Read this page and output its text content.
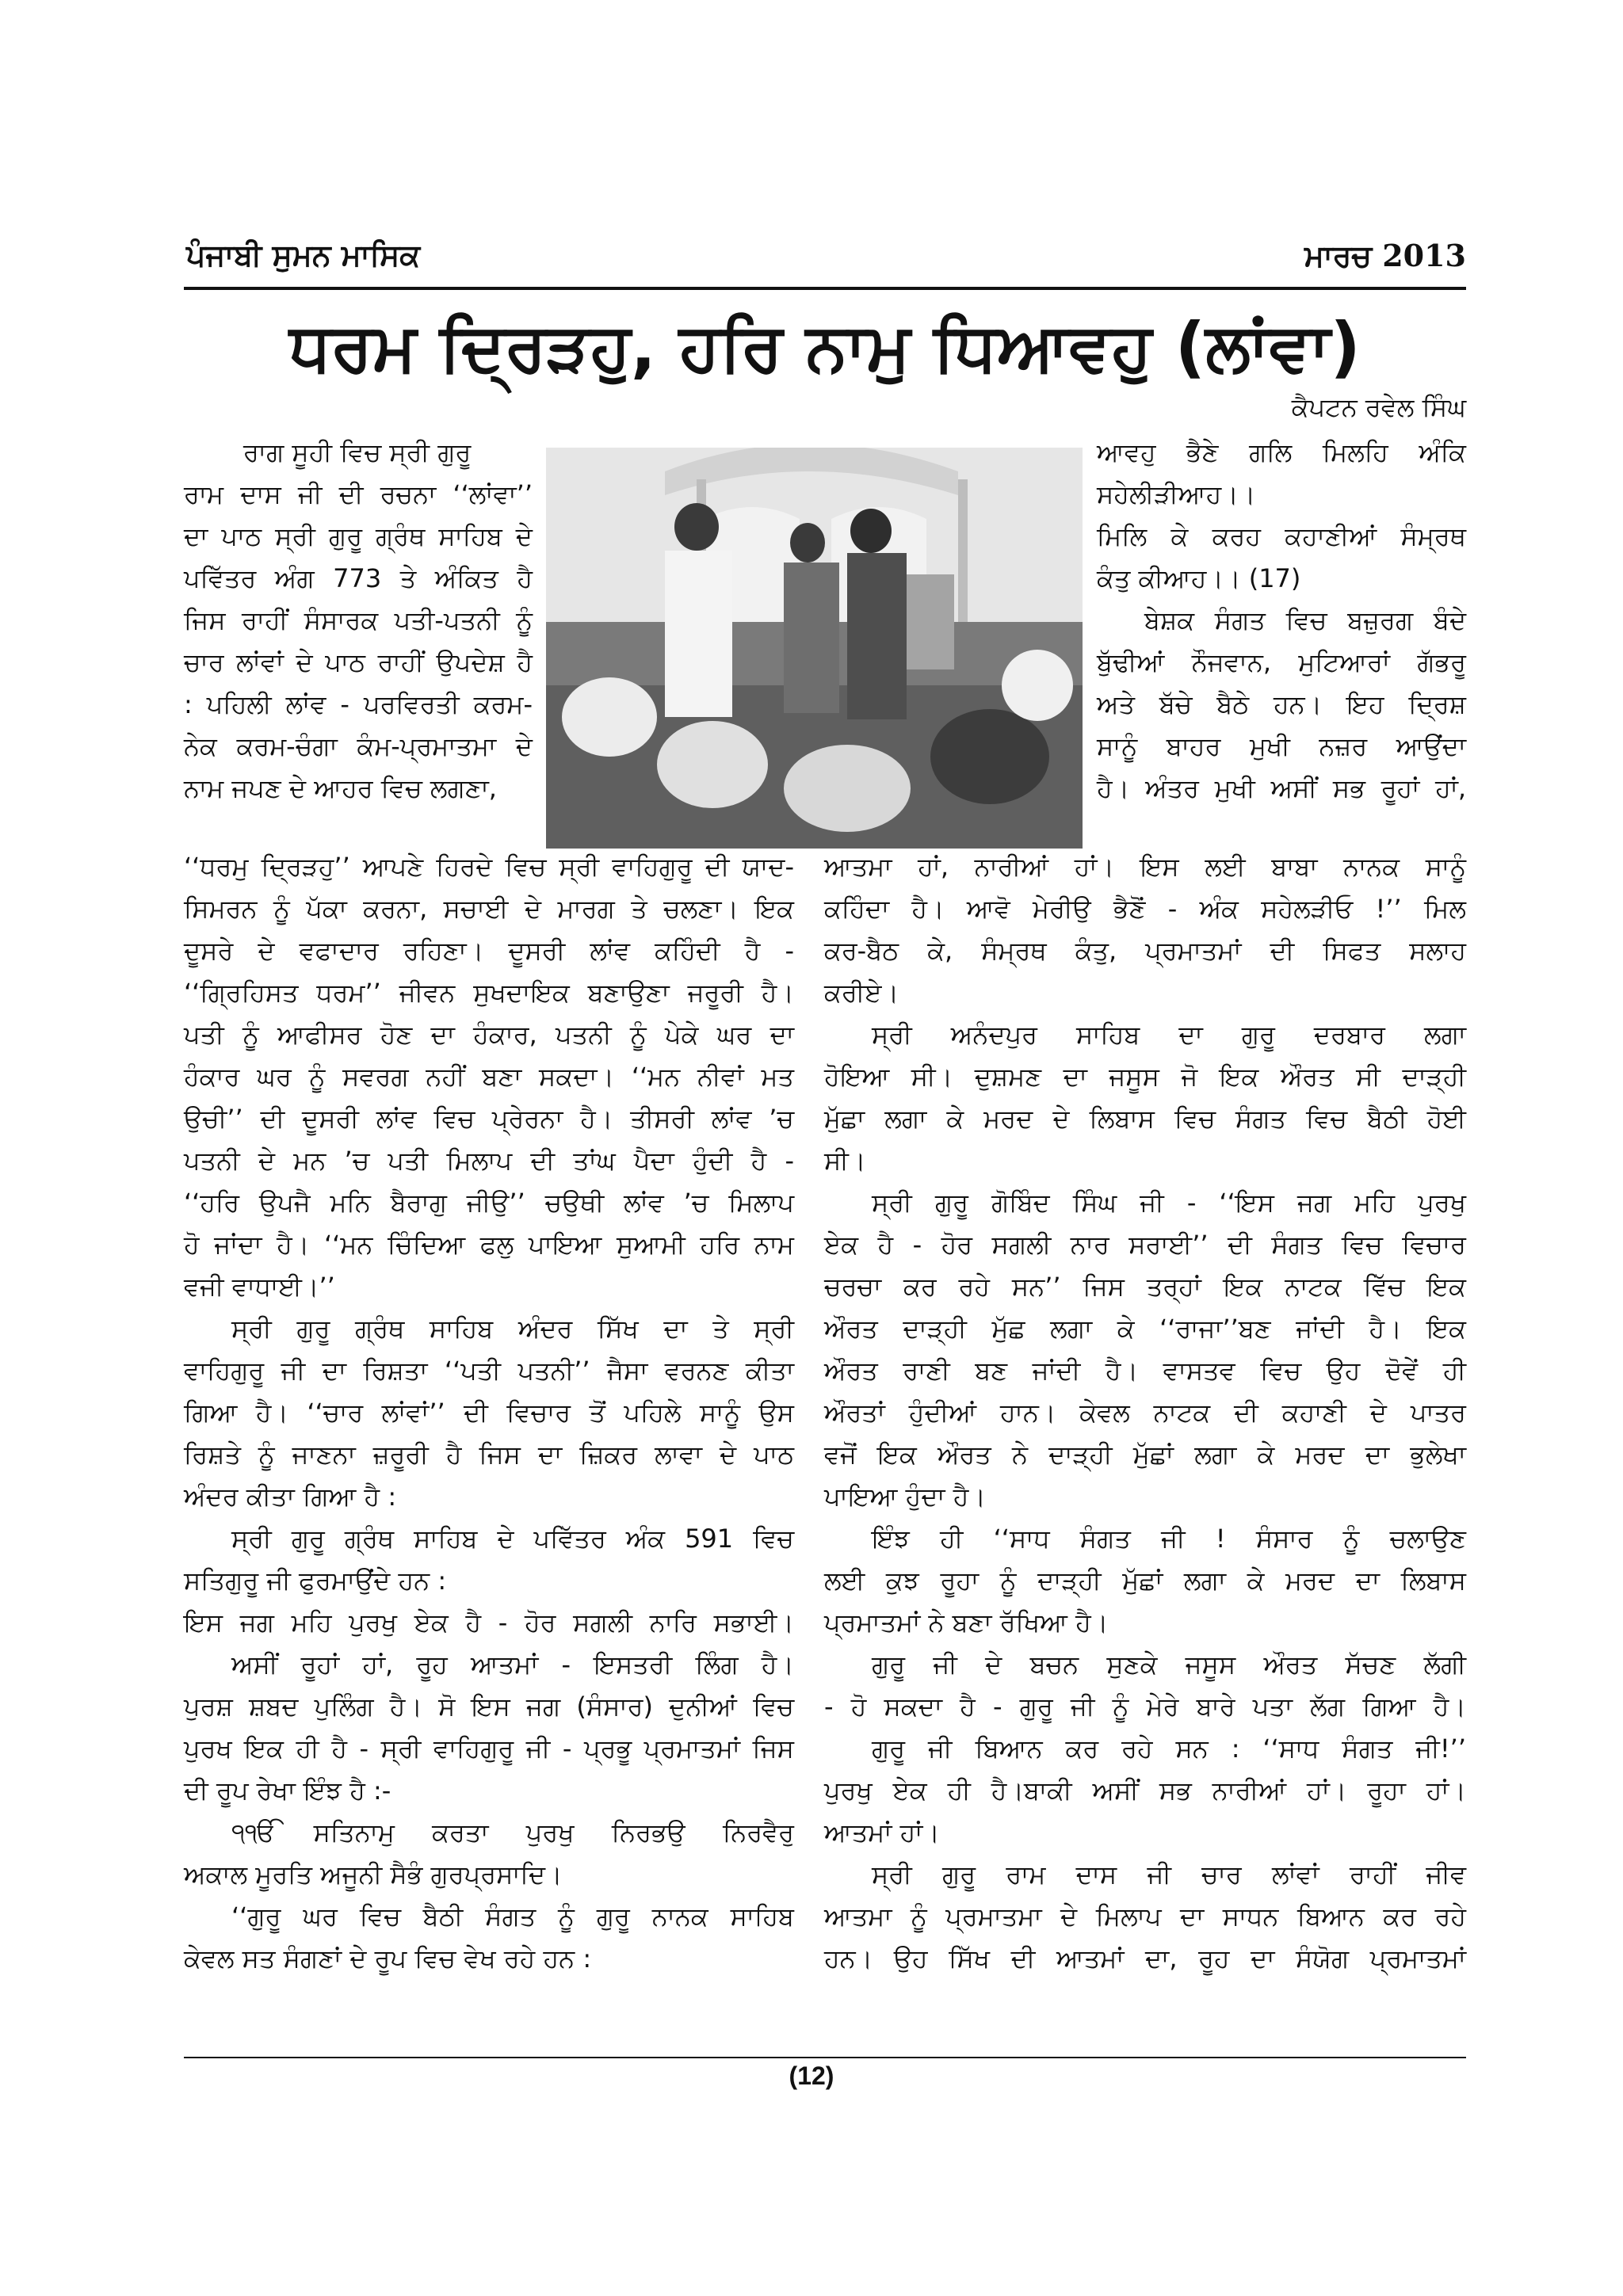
ਪੰਜਾਬੀ ਸੁਮਨ ਮਾਸਿਕ	ਮਾਰਚ 2013
ਧਰਮ ਦ੍ਰਿੜਹੁ, ਹਰਿ ਨਾਮੁ ਧਿਆਵਹੁ (ਲਾਂਵਾ)
ਕੈਪਟਨ ਰਵੇਲ ਸਿੰਘ
ਰਾਗ ਸੂਹੀ ਵਿਚ ਸ੍ਰੀ ਗੁਰੂ
ਰਾਮ ਦਾਸ ਜੀ ਦੀ ਰਚਨਾ ‘‘ਲਾਂਵਾ’’
ਦਾ ਪਾਠ ਸ੍ਰੀ ਗੁਰੂ ਗ੍ਰੰਥ ਸਾਹਿਬ ਦੇ
ਪਵਿੱਤਰ ਅੰਗ 773 ਤੇ ਅੰਕਿਤ ਹੈ
ਜਿਸ ਰਾਹੀਂ ਸੰਸਾਰਕ ਪਤੀ-ਪਤਨੀ ਨੂੰ
ਚਾਰ ਲਾਂਵਾਂ ਦੇ ਪਾਠ ਰਾਹੀਂ ਉਪਦੇਸ਼ ਹੈ
: ਪਹਿਲੀ ਲਾਂਵ - ਪਰਵਿਰਤੀ ਕਰਮ-
ਨੇਕ ਕਰਮ-ਚੰਗਾ ਕੰਮ-ਪ੍ਰਮਾਤਮਾ ਦੇ
ਨਾਮ ਜਪਣ ਦੇ ਆਹਰ ਵਿਚ ਲਗਣਾ,
ਆਵਹੁ ਭੈਣੇ ਗਲਿ ਮਿਲਹਿ ਅੰਕਿ
ਸਹੇਲੀੜੀਆਹ।।
ਮਿਲਿ ਕੇ ਕਰਹ ਕਹਾਣੀਆਂ ਸੰਮ੍ਰਥ
ਕੰਤੁ ਕੀਆਹ।। (17)
ਬੇਸ਼ਕ ਸੰਗਤ ਵਿਚ ਬਜ਼ੁਰਗ ਬੰਦੇ
ਬੁੱਢੀਆਂ ਨੌਜਵਾਨ, ਮੁਟਿਆਰਾਂ ਗੱਭਰੂ
ਅਤੇ ਬੱਚੇ ਬੈਠੇ ਹਨ। ਇਹ ਦ੍ਰਿਸ਼
ਸਾਨੂੰ ਬਾਹਰ ਮੁਖੀ ਨਜ਼ਰ ਆਉਂਦਾ
ਹੈ। ਅੰਤਰ ਮੁਖੀ ਅਸੀਂ ਸਭ ਰੂਹਾਂ ਹਾਂ,
‘‘ਧਰਮੁ ਦ੍ਰਿੜਹੁ’’ ਆਪਣੇ ਹਿਰਦੇ ਵਿਚ ਸ੍ਰੀ ਵਾਹਿਗੁਰੂ ਦੀ ਯਾਦ-
ਸਿਮਰਨ ਨੂੰ ਪੱਕਾ ਕਰਨਾ, ਸਚਾਈ ਦੇ ਮਾਰਗ ਤੇ ਚਲਣਾ। ਇਕ
ਦੂਸਰੇ ਦੇ ਵਫਾਦਾਰ ਰਹਿਣਾ। ਦੂਸਰੀ ਲਾਂਵ ਕਹਿੰਦੀ ਹੈ -
‘‘ਗ੍ਰਿਹਿਸਤ ਧਰਮ’’ ਜੀਵਨ ਸੁਖਦਾਇਕ ਬਣਾਉਣਾ ਜਰੂਰੀ ਹੈ।
ਪਤੀ ਨੂੰ ਆਫੀਸਰ ਹੋਣ ਦਾ ਹੰਕਾਰ, ਪਤਨੀ ਨੂੰ ਪੇਕੇ ਘਰ ਦਾ
ਹੰਕਾਰ ਘਰ ਨੂੰ ਸਵਰਗ ਨਹੀਂ ਬਣਾ ਸਕਦਾ। ‘‘ਮਨ ਨੀਵਾਂ ਮਤ
ਉਚੀ’’ ਦੀ ਦੂਸਰੀ ਲਾਂਵ ਵਿਚ ਪ੍ਰੇਰਨਾ ਹੈ। ਤੀਸਰੀ ਲਾਂਵ ’ਚ
ਪਤਨੀ ਦੇ ਮਨ ’ਚ ਪਤੀ ਮਿਲਾਪ ਦੀ ਤਾਂਘ ਪੈਦਾ ਹੁੰਦੀ ਹੈ -
‘‘ਹਰਿ ਉਪਜੈ ਮਨਿ ਬੈਰਾਗੁ ਜੀਉ’’ ਚਉਥੀ ਲਾਂਵ ’ਚ ਮਿਲਾਪ
ਹੋ ਜਾਂਦਾ ਹੈ। ‘‘ਮਨ ਚਿੰਦਿਆ ਫਲੁ ਪਾਇਆ ਸੁਆਮੀ ਹਰਿ ਨਾਮ
ਵਜੀ ਵਾਧਾਈ।’’
ਸ੍ਰੀ ਗੁਰੂ ਗ੍ਰੰਥ ਸਾਹਿਬ ਅੰਦਰ ਸਿੱਖ ਦਾ ਤੇ ਸ੍ਰੀ
ਵਾਹਿਗੁਰੂ ਜੀ ਦਾ ਰਿਸ਼ਤਾ ‘‘ਪਤੀ ਪਤਨੀ’’ ਜੈਸਾ ਵਰਨਣ ਕੀਤਾ
ਗਿਆ ਹੈ। ‘‘ਚਾਰ ਲਾਂਵਾਂ’’ ਦੀ ਵਿਚਾਰ ਤੋਂ ਪਹਿਲੇ ਸਾਨੂੰ ਉਸ
ਰਿਸ਼ਤੇ ਨੂੰ ਜਾਣਨਾ ਜ਼ਰੂਰੀ ਹੈ ਜਿਸ ਦਾ ਜ਼ਿਕਰ ਲਾਵਾ ਦੇ ਪਾਠ
ਅੰਦਰ ਕੀਤਾ ਗਿਆ ਹੈ :
ਸ੍ਰੀ ਗੁਰੂ ਗ੍ਰੰਥ ਸਾਹਿਬ ਦੇ ਪਵਿੱਤਰ ਅੰਕ 591 ਵਿਚ
ਸਤਿਗੁਰੂ ਜੀ ਫੁਰਮਾਉਂਦੇ ਹਨ :
ਇਸ ਜਗ ਮਹਿ ਪੁਰਖੁ ਏਕ ਹੈ - ਹੋਰ ਸਗਲੀ ਨਾਰਿ ਸਭਾਈ।
ਅਸੀਂ ਰੂਹਾਂ ਹਾਂ, ਰੂਹ ਆਤਮਾਂ - ਇਸਤਰੀ ਲਿੰਗ ਹੈ।
ਪੁਰਸ਼ ਸ਼ਬਦ ਪੁਲਿੰਗ ਹੈ। ਸੋ ਇਸ ਜਗ (ਸੰਸਾਰ) ਦੁਨੀਆਂ ਵਿਚ
ਪੁਰਖ ਇਕ ਹੀ ਹੈ - ਸ੍ਰੀ ਵਾਹਿਗੁਰੂ ਜੀ - ਪ੍ਰਭੂ ਪ੍ਰਮਾਤਮਾਂ ਜਿਸ
ਦੀ ਰੂਪ ਰੇਖਾ ਇੰਝ ਹੈ :-
੧ੴ ਸਤਿਨਾਮੁ ਕਰਤਾ ਪੁਰਖੁ ਨਿਰਭਉ ਨਿਰਵੈਰੁ
ਅਕਾਲ ਮੂਰਤਿ ਅਜੂਨੀ ਸੈਭੰ ਗੁਰਪ੍ਰਸਾਦਿ।
‘‘ਗੁਰੂ ਘਰ ਵਿਚ ਬੈਠੀ ਸੰਗਤ ਨੂੰ ਗੁਰੂ ਨਾਨਕ ਸਾਹਿਬ
ਕੇਵਲ ਸਤ ਸੰਗਣਾਂ ਦੇ ਰੂਪ ਵਿਚ ਵੇਖ ਰਹੇ ਹਨ :
ਆਤਮਾ ਹਾਂ, ਨਾਰੀਆਂ ਹਾਂ। ਇਸ ਲਈ ਬਾਬਾ ਨਾਨਕ ਸਾਨੂੰ
ਕਹਿੰਦਾ ਹੈ। ਆਵੋ ਮੇਰੀਉ ਭੈਣੋਂ - ਅੰਕ ਸਹੇਲੜੀਓ !’’ ਮਿਲ
ਕਰ-ਬੈਠ ਕੇ, ਸੰਮ੍ਰਥ ਕੰਤੁ, ਪ੍ਰਮਾਤਮਾਂ ਦੀ ਸਿਫਤ ਸਲਾਹ
ਕਰੀਏ।
ਸ੍ਰੀ ਅਨੰਦਪੁਰ ਸਾਹਿਬ ਦਾ ਗੁਰੂ ਦਰਬਾਰ ਲਗਾ
ਹੋਇਆ ਸੀ। ਦੁਸ਼ਮਣ ਦਾ ਜਸੂਸ ਜੋ ਇਕ ਔਰਤ ਸੀ ਦਾੜ੍ਹੀ
ਮੁੱਛਾ ਲਗਾ ਕੇ ਮਰਦ ਦੇ ਲਿਬਾਸ ਵਿਚ ਸੰਗਤ ਵਿਚ ਬੈਠੀ ਹੋਈ
ਸੀ।
ਸ੍ਰੀ ਗੁਰੂ ਗੋਬਿੰਦ ਸਿੰਘ ਜੀ - ‘‘ਇਸ ਜਗ ਮਹਿ ਪੁਰਖੁ
ਏਕ ਹੈ - ਹੋਰ ਸਗਲੀ ਨਾਰ ਸਰਾਈ’’ ਦੀ ਸੰਗਤ ਵਿਚ ਵਿਚਾਰ
ਚਰਚਾ ਕਰ ਰਹੇ ਸਨ’’ ਜਿਸ ਤਰ੍ਹਾਂ ਇਕ ਨਾਟਕ ਵਿੱਚ ਇਕ
ਔਰਤ ਦਾੜ੍ਹੀ ਮੁੱਛ ਲਗਾ ਕੇ ‘‘ਰਾਜਾ’’ਬਣ ਜਾਂਦੀ ਹੈ। ਇਕ
ਔਰਤ ਰਾਣੀ ਬਣ ਜਾਂਦੀ ਹੈ। ਵਾਸਤਵ ਵਿਚ ਉਹ ਦੋਵੇਂ ਹੀ
ਔਰਤਾਂ ਹੁੰਦੀਆਂ ਹਾਨ। ਕੇਵਲ ਨਾਟਕ ਦੀ ਕਹਾਣੀ ਦੇ ਪਾਤਰ
ਵਜੋਂ ਇਕ ਔਰਤ ਨੇ ਦਾੜ੍ਹੀ ਮੁੱਛਾਂ ਲਗਾ ਕੇ ਮਰਦ ਦਾ ਭੁਲੇਖਾ
ਪਾਇਆ ਹੁੰਦਾ ਹੈ।
ਇੰਝ ਹੀ ‘‘ਸਾਧ ਸੰਗਤ ਜੀ ! ਸੰਸਾਰ ਨੂੰ ਚਲਾਉਣ
ਲਈ ਕੁਝ ਰੂਹਾ ਨੂੰ ਦਾੜ੍ਹੀ ਮੁੱਛਾਂ ਲਗਾ ਕੇ ਮਰਦ ਦਾ ਲਿਬਾਸ
ਪ੍ਰਮਾਤਮਾਂ ਨੇ ਬਣਾ ਰੱਖਿਆ ਹੈ।
ਗੁਰੂ ਜੀ ਦੇ ਬਚਨ ਸੁਣਕੇ ਜਸੂਸ ਔਰਤ ਸੱਚਣ ਲੱਗੀ
- ਹੋ ਸਕਦਾ ਹੈ - ਗੁਰੂ ਜੀ ਨੂੰ ਮੇਰੇ ਬਾਰੇ ਪਤਾ ਲੱਗ ਗਿਆ ਹੈ।
ਗੁਰੂ ਜੀ ਬਿਆਨ ਕਰ ਰਹੇ ਸਨ : ‘‘ਸਾਧ ਸੰਗਤ ਜੀ!’’
ਪੁਰਖੁ ਏਕ ਹੀ ਹੈ।ਬਾਕੀ ਅਸੀਂ ਸਭ ਨਾਰੀਆਂ ਹਾਂ। ਰੂਹਾ ਹਾਂ।
ਆਤਮਾਂ ਹਾਂ।
ਸ੍ਰੀ ਗੁਰੂ ਰਾਮ ਦਾਸ ਜੀ ਚਾਰ ਲਾਂਵਾਂ ਰਾਹੀਂ ਜੀਵ
ਆਤਮਾ ਨੂੰ ਪ੍ਰਮਾਤਮਾ ਦੇ ਮਿਲਾਪ ਦਾ ਸਾਧਨ ਬਿਆਨ ਕਰ ਰਹੇ
ਹਨ। ਉਹ ਸਿੱਖ ਦੀ ਆਤਮਾਂ ਦਾ, ਰੂਹ ਦਾ ਸੰਯੋਗ ਪ੍ਰਮਾਤਮਾਂ
(12)
